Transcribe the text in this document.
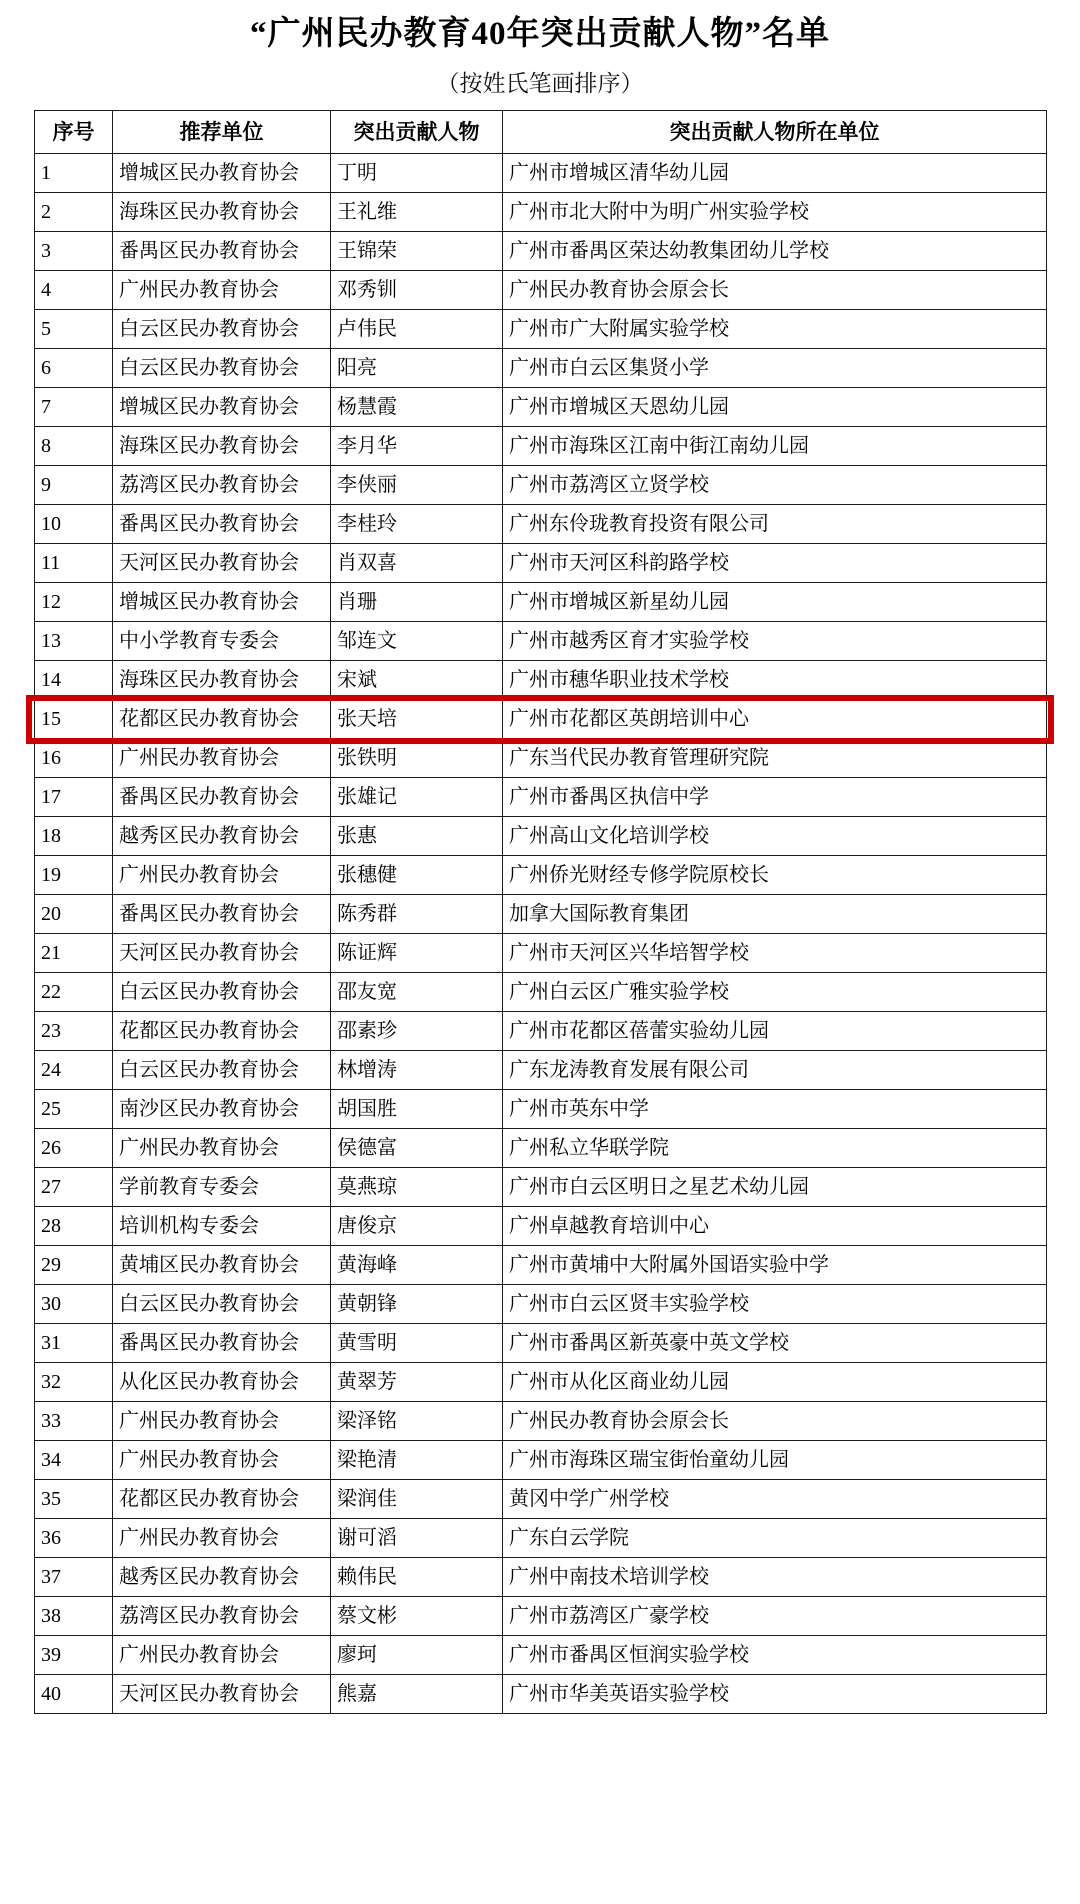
“广州民办教育40年突出贡献人物”名单
（按姓氏笔画排序）
序号	推荐单位	突出贡献人物	突出贡献人物所在单位
1	增城区民办教育协会	丁明	广州市增城区清华幼儿园
2	海珠区民办教育协会	王礼维	广州市北大附中为明广州实验学校
3	番禺区民办教育协会	王锦荣	广州市番禺区荣达幼教集团幼儿学校
4	广州民办教育协会	邓秀钏	广州民办教育协会原会长
5	白云区民办教育协会	卢伟民	广州市广大附属实验学校
6	白云区民办教育协会	阳亮	广州市白云区集贤小学
7	增城区民办教育协会	杨慧霞	广州市增城区天恩幼儿园
8	海珠区民办教育协会	李月华	广州市海珠区江南中街江南幼儿园
9	荔湾区民办教育协会	李侠丽	广州市荔湾区立贤学校
10	番禺区民办教育协会	李桂玲	广州东伶珑教育投资有限公司
11	天河区民办教育协会	肖双喜	广州市天河区科韵路学校
12	增城区民办教育协会	肖珊	广州市增城区新星幼儿园
13	中小学教育专委会	邹连文	广州市越秀区育才实验学校
14	海珠区民办教育协会	宋斌	广州市穗华职业技术学校
15	花都区民办教育协会	张天培	广州市花都区英朗培训中心
16	广州民办教育协会	张铁明	广东当代民办教育管理研究院
17	番禺区民办教育协会	张雄记	广州市番禺区执信中学
18	越秀区民办教育协会	张惠	广州高山文化培训学校
19	广州民办教育协会	张穗健	广州侨光财经专修学院原校长
20	番禺区民办教育协会	陈秀群	加拿大国际教育集团
21	天河区民办教育协会	陈证辉	广州市天河区兴华培智学校
22	白云区民办教育协会	邵友宽	广州白云区广雅实验学校
23	花都区民办教育协会	邵素珍	广州市花都区蓓蕾实验幼儿园
24	白云区民办教育协会	林增涛	广东龙涛教育发展有限公司
25	南沙区民办教育协会	胡国胜	广州市英东中学
26	广州民办教育协会	侯德富	广州私立华联学院
27	学前教育专委会	莫燕琼	广州市白云区明日之星艺术幼儿园
28	培训机构专委会	唐俊京	广州卓越教育培训中心
29	黄埔区民办教育协会	黄海峰	广州市黄埔中大附属外国语实验中学
30	白云区民办教育协会	黄朝锋	广州市白云区贤丰实验学校
31	番禺区民办教育协会	黄雪明	广州市番禺区新英豪中英文学校
32	从化区民办教育协会	黄翠芳	广州市从化区商业幼儿园
33	广州民办教育协会	梁泽铭	广州民办教育协会原会长
34	广州民办教育协会	梁艳清	广州市海珠区瑞宝街怡童幼儿园
35	花都区民办教育协会	梁润佳	黄冈中学广州学校
36	广州民办教育协会	谢可滔	广东白云学院
37	越秀区民办教育协会	赖伟民	广州中南技术培训学校
38	荔湾区民办教育协会	蔡文彬	广州市荔湾区广豪学校
39	广州民办教育协会	廖珂	广州市番禺区恒润实验学校
40	天河区民办教育协会	熊嘉	广州市华美英语实验学校
